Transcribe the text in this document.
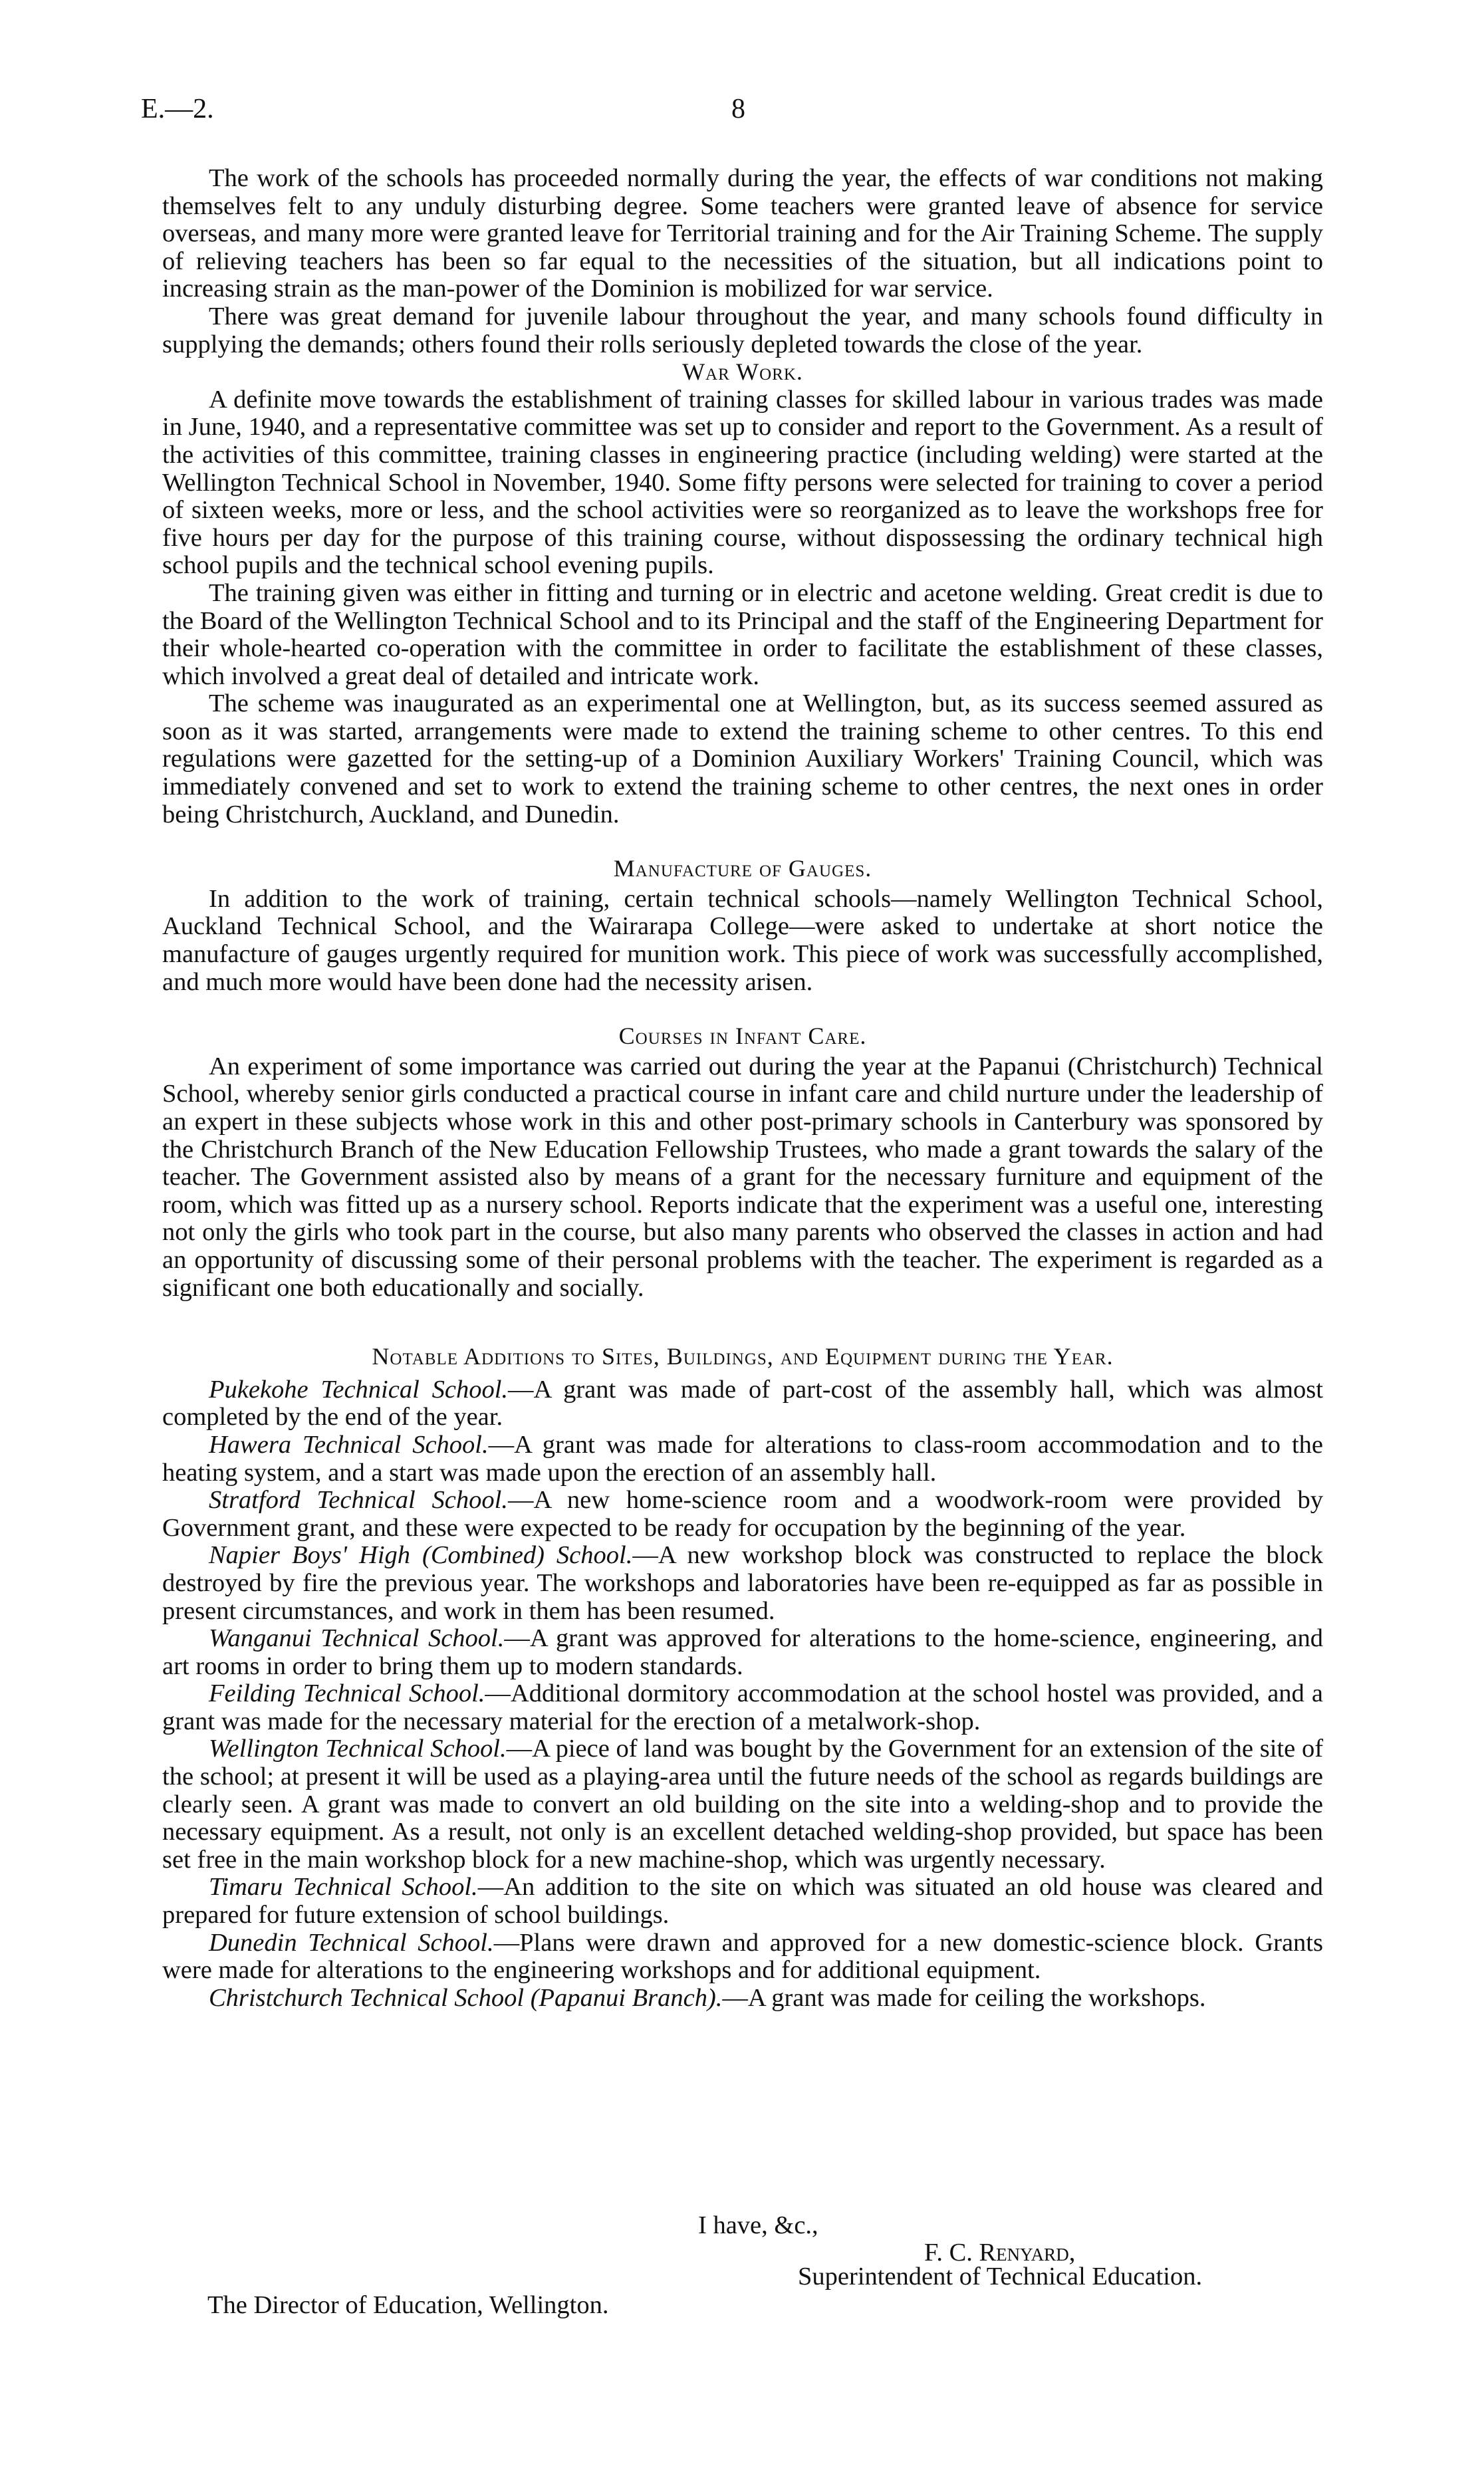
E.—2.	8

The work of the schools has proceeded normally during the year, the effects of war conditions not making themselves felt to any unduly disturbing degree. Some teachers were granted leave of absence for service overseas, and many more were granted leave for Territorial training and for the Air Training Scheme. The supply of relieving teachers has been so far equal to the necessities of the situation, but all indications point to increasing strain as the man-power of the Dominion is mobilized for war service.

There was great demand for juvenile labour throughout the year, and many schools found difficulty in supplying the demands; others found their rolls seriously depleted towards the close of the year.

War Work.

A definite move towards the establishment of training classes for skilled labour in various trades was made in June, 1940, and a representative committee was set up to consider and report to the Government. As a result of the activities of this committee, training classes in engineering practice (including welding) were started at the Wellington Technical School in November, 1940. Some fifty persons were selected for training to cover a period of sixteen weeks, more or less, and the school activities were so reorganized as to leave the workshops free for five hours per day for the purpose of this training course, without dispossessing the ordinary technical high school pupils and the technical school evening pupils.

The training given was either in fitting and turning or in electric and acetone welding. Great credit is due to the Board of the Wellington Technical School and to its Principal and the staff of the Engineering Department for their whole-hearted co-operation with the committee in order to facilitate the establishment of these classes, which involved a great deal of detailed and intricate work.

The scheme was inaugurated as an experimental one at Wellington, but, as its success seemed assured as soon as it was started, arrangements were made to extend the training scheme to other centres. To this end regulations were gazetted for the setting-up of a Dominion Auxiliary Workers' Training Council, which was immediately convened and set to work to extend the training scheme to other centres, the next ones in order being Christchurch, Auckland, and Dunedin.

Manufacture of Gauges.

In addition to the work of training, certain technical schools—namely Wellington Technical School, Auckland Technical School, and the Wairarapa College—were asked to undertake at short notice the manufacture of gauges urgently required for munition work. This piece of work was successfully accomplished, and much more would have been done had the necessity arisen.

Courses in Infant Care.

An experiment of some importance was carried out during the year at the Papanui (Christchurch) Technical School, whereby senior girls conducted a practical course in infant care and child nurture under the leadership of an expert in these subjects whose work in this and other post-primary schools in Canterbury was sponsored by the Christchurch Branch of the New Education Fellowship Trustees, who made a grant towards the salary of the teacher. The Government assisted also by means of a grant for the necessary furniture and equipment of the room, which was fitted up as a nursery school. Reports indicate that the experiment was a useful one, interesting not only the girls who took part in the course, but also many parents who observed the classes in action and had an opportunity of discussing some of their personal problems with the teacher. The experiment is regarded as a significant one both educationally and socially.

Notable Additions to Sites, Buildings, and Equipment during the Year.

Pukekohe Technical School.—A grant was made of part-cost of the assembly hall, which was almost completed by the end of the year.

Hawera Technical School.—A grant was made for alterations to class-room accommodation and to the heating system, and a start was made upon the erection of an assembly hall.

Stratford Technical School.—A new home-science room and a woodwork-room were provided by Government grant, and these were expected to be ready for occupation by the beginning of the year.

Napier Boys' High (Combined) School.—A new workshop block was constructed to replace the block destroyed by fire the previous year. The workshops and laboratories have been re-equipped as far as possible in present circumstances, and work in them has been resumed.

Wanganui Technical School.—A grant was approved for alterations to the home-science, engineering, and art rooms in order to bring them up to modern standards.

Feilding Technical School.—Additional dormitory accommodation at the school hostel was provided, and a grant was made for the necessary material for the erection of a metalwork-shop.

Wellington Technical School.—A piece of land was bought by the Government for an extension of the site of the school; at present it will be used as a playing-area until the future needs of the school as regards buildings are clearly seen. A grant was made to convert an old building on the site into a welding-shop and to provide the necessary equipment. As a result, not only is an excellent detached welding-shop provided, but space has been set free in the main workshop block for a new machine-shop, which was urgently necessary.

Timaru Technical School.—An addition to the site on which was situated an old house was cleared and prepared for future extension of school buildings.

Dunedin Technical School.—Plans were drawn and approved for a new domestic-science block. Grants were made for alterations to the engineering workshops and for additional equipment.

Christchurch Technical School (Papanui Branch).—A grant was made for ceiling the workshops.

I have, &c.,
F. C. Renyard,
Superintendent of Technical Education.
The Director of Education, Wellington.
